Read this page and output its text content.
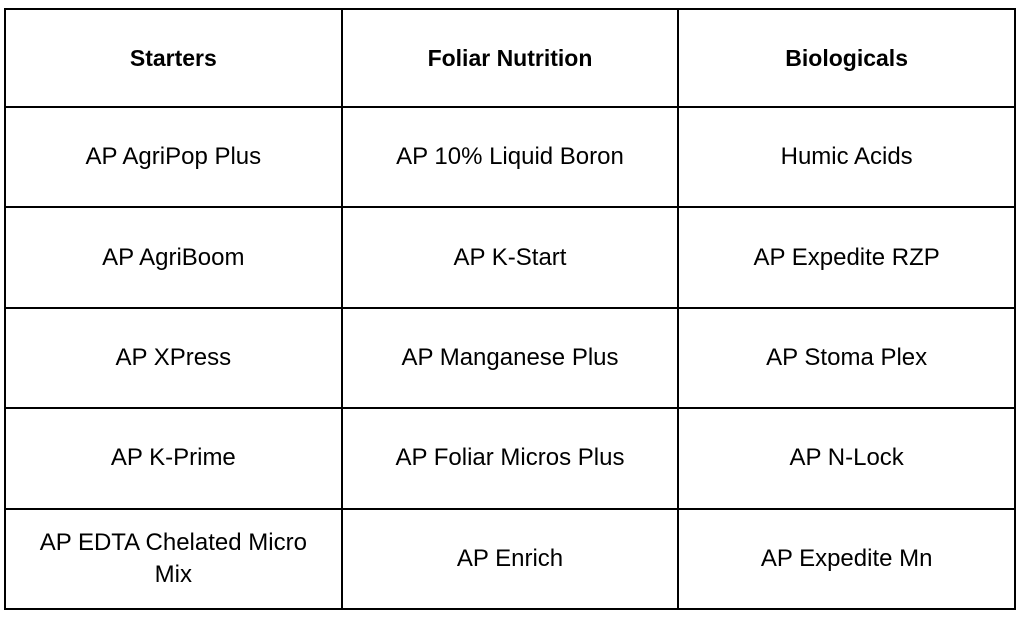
Starters	Foliar Nutrition	Biologicals
AP AgriPop Plus	AP 10% Liquid Boron	Humic Acids
AP AgriBoom	AP K-Start	AP Expedite RZP
AP XPress	AP Manganese Plus	AP Stoma Plex
AP K-Prime	AP Foliar Micros Plus	AP N-Lock
AP EDTA Chelated Micro Mix	AP Enrich	AP Expedite Mn
